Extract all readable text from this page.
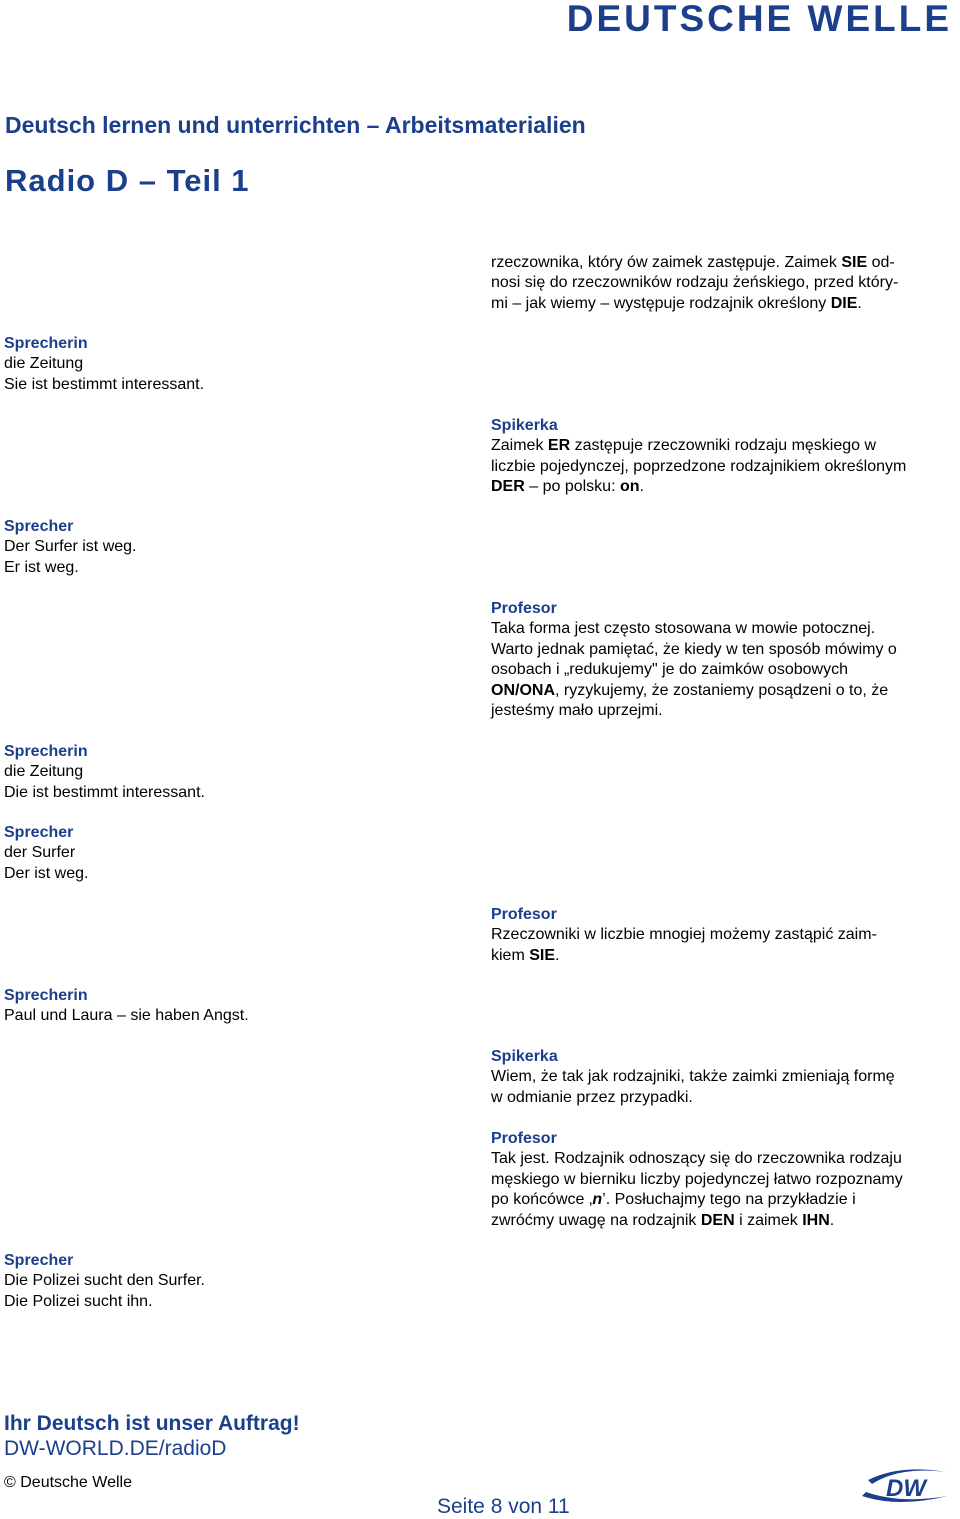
DEUTSCHE WELLE
Deutsch lernen und unterrichten – Arbeitsmaterialien
Radio D – Teil 1
Sprecherin
die Zeitung
Sie ist bestimmt interessant.
Sprecher
Der Surfer ist weg.
Er ist weg.
Sprecherin
die Zeitung
Die ist bestimmt interessant.
Sprecher
der Surfer
Der ist weg.
Sprecherin
Paul und Laura – sie haben Angst.
Sprecher
Die Polizei sucht den Surfer.
Die Polizei sucht ihn.
rzeczownika, który ów zaimek zastępuje. Zaimek SIE od-
nosi się do rzeczowników rodzaju żeńskiego, przed który-
mi – jak wiemy – występuje rodzajnik określony DIE.
Spikerka
Zaimek ER zastępuje rzeczowniki rodzaju męskiego w
liczbie pojedynczej, poprzedzone rodzajnikiem określonym
DER – po polsku: on.
Profesor
Taka forma jest często stosowana w mowie potocznej.
Warto jednak pamiętać, że kiedy w ten sposób mówimy o
osobach i „redukujemy" je do zaimków osobowych
ON/ONA, ryzykujemy, że zostaniemy posądzeni o to, że
jesteśmy mało uprzejmi.
Profesor
Rzeczowniki w liczbie mnogiej możemy zastąpić zaim-
kiem SIE.
Spikerka
Wiem, że tak jak rodzajniki, także zaimki zmieniają formę
w odmianie przez przypadki.
Profesor
Tak jest. Rodzajnik odnoszący się do rzeczownika rodzaju
męskiego w bierniku liczby pojedynczej łatwo rozpoznamy
po końcówce ‚n’. Posłuchajmy tego na przykładzie i
zwróćmy uwagę na rodzajnik DEN i zaimek IHN.
Ihr Deutsch ist unser Auftrag!
DW-WORLD.DE/radioD
© Deutsche Welle
Seite 8 von 11
DW
